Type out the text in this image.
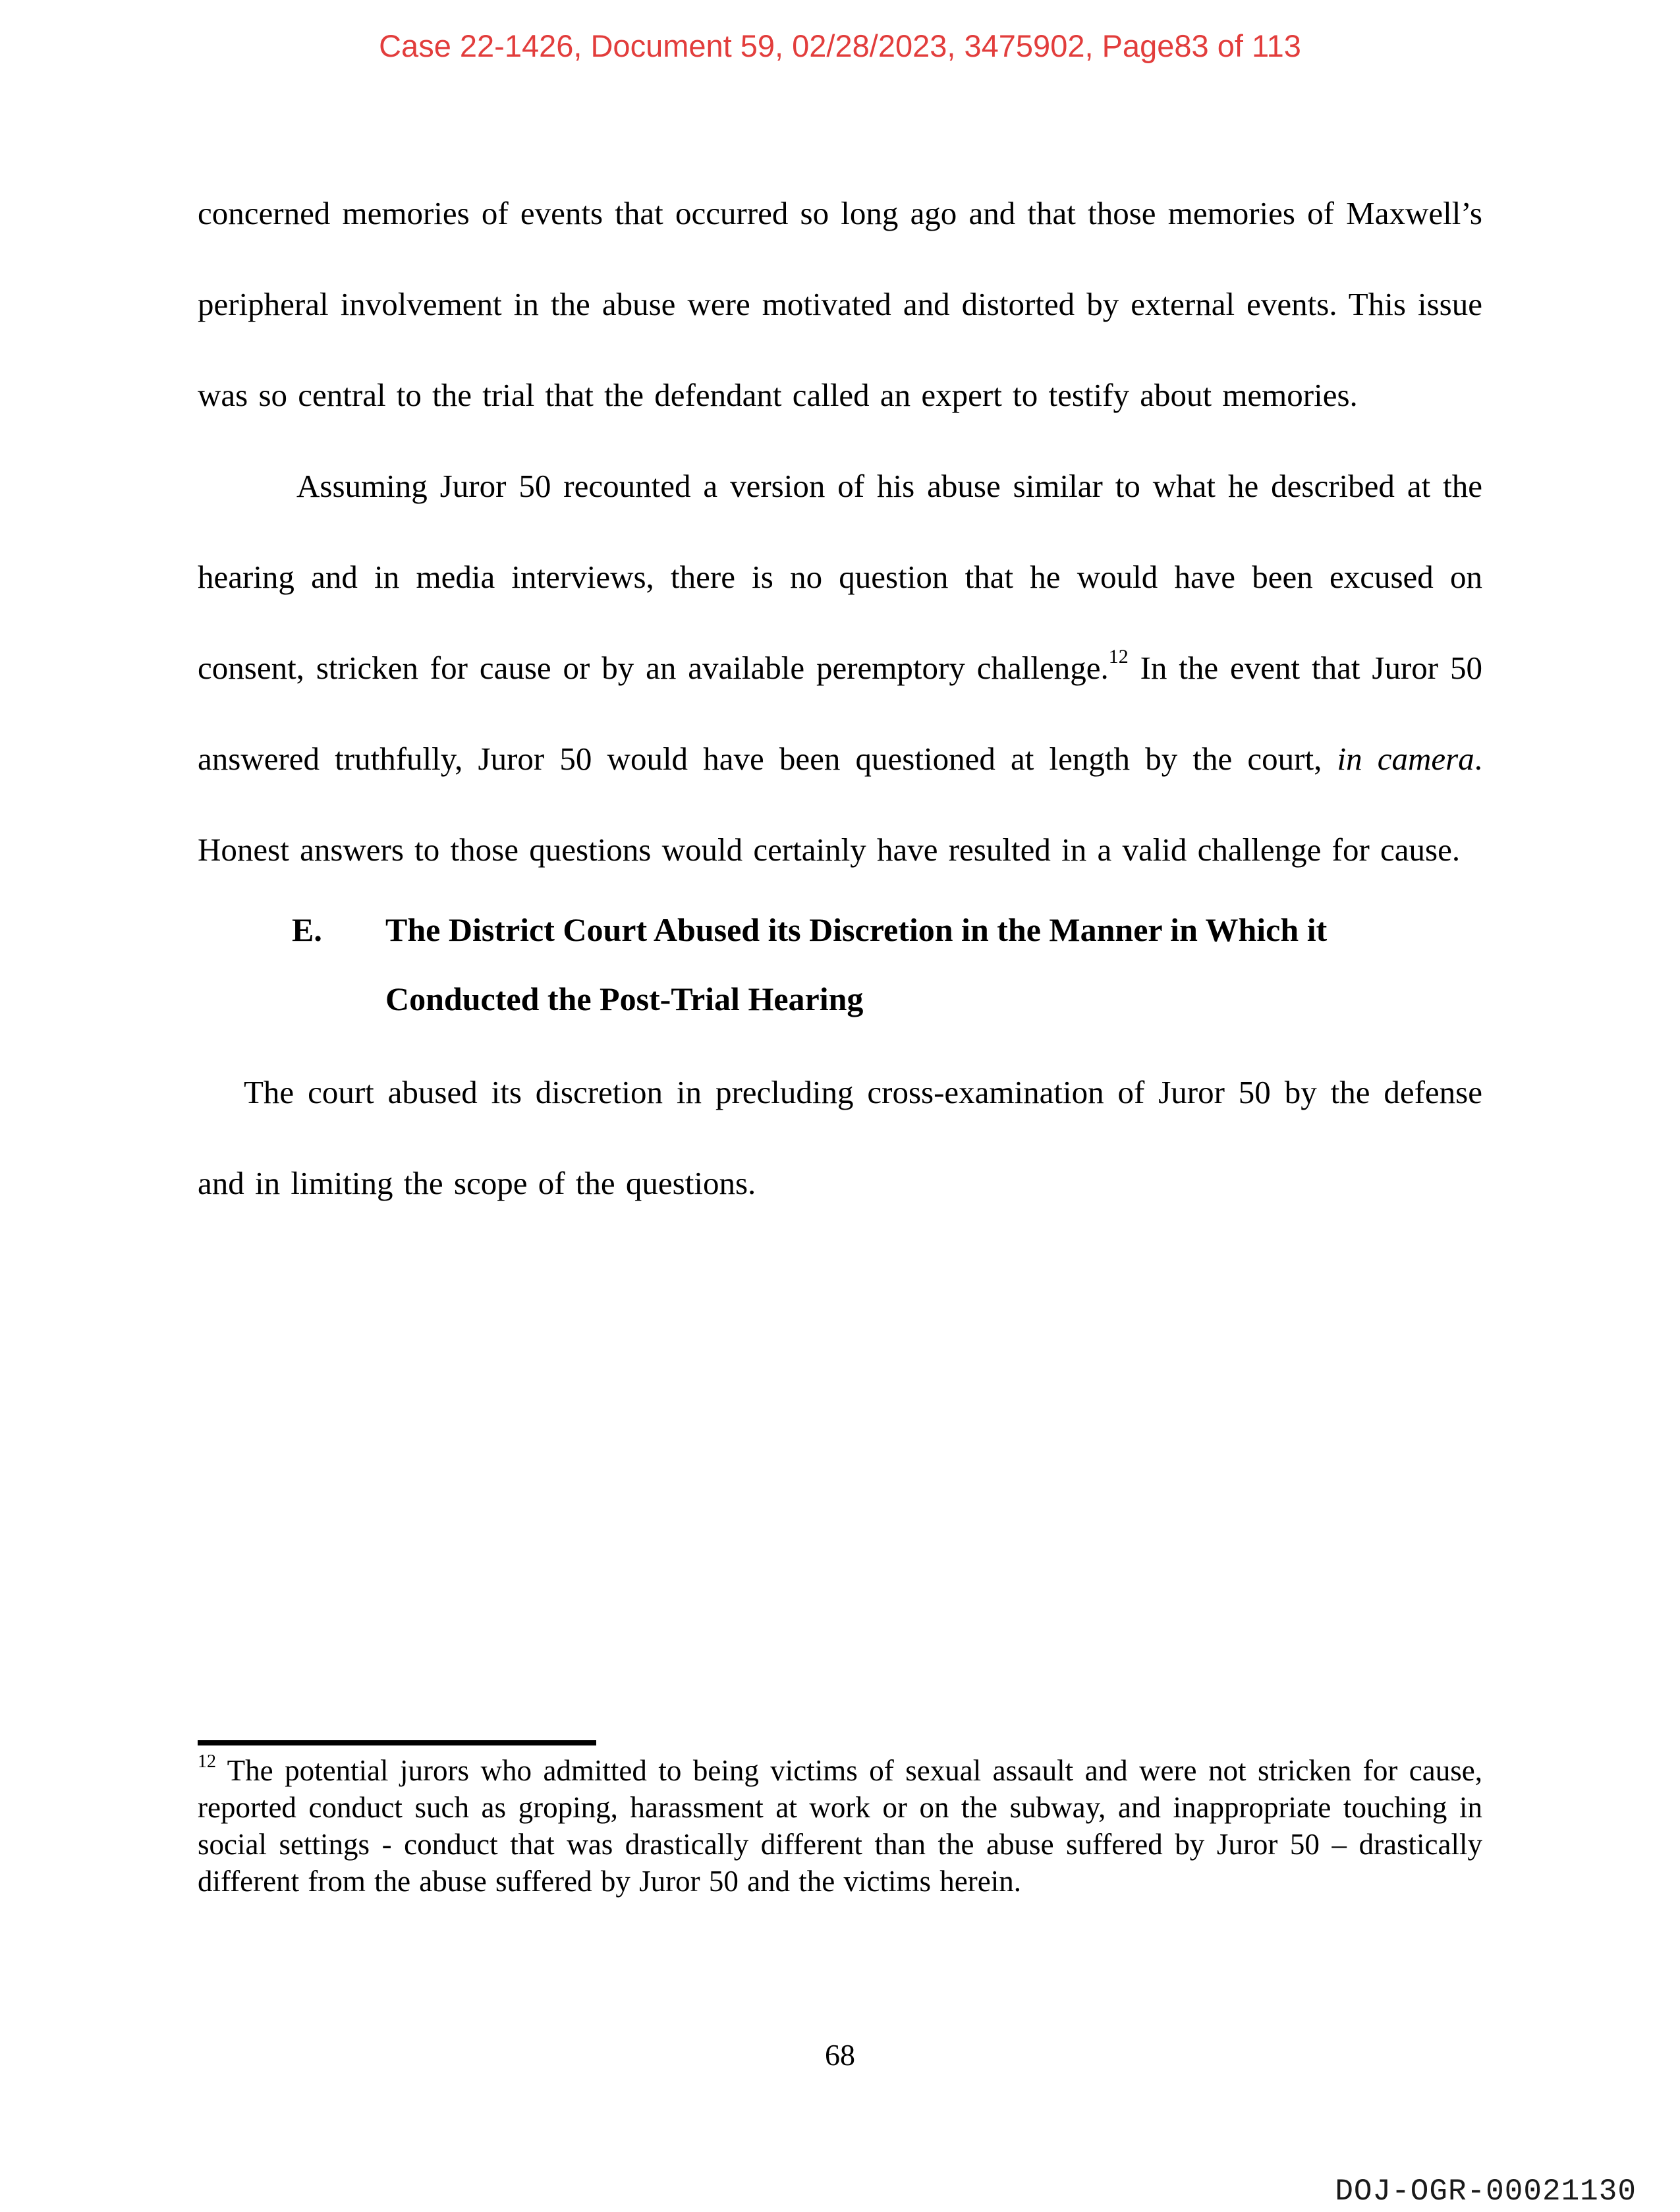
Case 22-1426, Document 59, 02/28/2023, 3475902, Page83 of 113

concerned memories of events that occurred so long ago and that those memories of Maxwell’s peripheral involvement in the abuse were motivated and distorted by external events. This issue was so central to the trial that the defendant called an expert to testify about memories.

Assuming Juror 50 recounted a version of his abuse similar to what he described at the hearing and in media interviews, there is no question that he would have been excused on consent, stricken for cause or by an available peremptory challenge.$^{12}$ In the event that Juror 50 answered truthfully, Juror 50 would have been questioned at length by the court, in camera. Honest answers to those questions would certainly have resulted in a valid challenge for cause.

E.	The District Court Abused its Discretion in the Manner in Which it Conducted the Post-Trial Hearing

The court abused its discretion in precluding cross-examination of Juror 50 by the defense and in limiting the scope of the questions.

$^{12}$ The potential jurors who admitted to being victims of sexual assault and were not stricken for cause, reported conduct such as groping, harassment at work or on the subway, and inappropriate touching in social settings - conduct that was drastically different than the abuse suffered by Juror 50 – drastically different from the abuse suffered by Juror 50 and the victims herein.
68
DOJ-OGR-00021130
